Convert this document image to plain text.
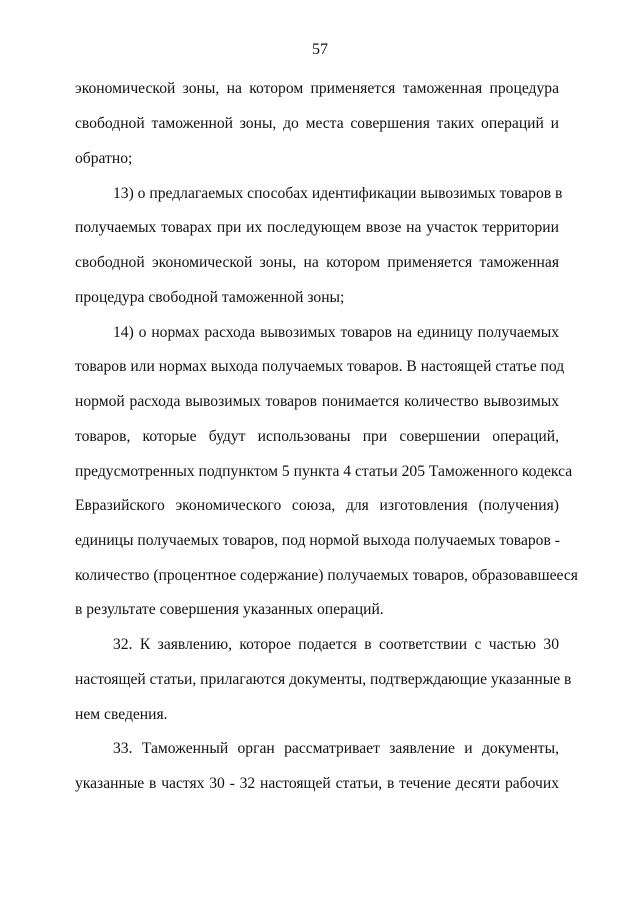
57

экономической зоны, на котором применяется таможенная процедура

свободной таможенной зоны, до места совершения таких операций и

обратно;

13) о предлагаемых способах идентификации вывозимых товаров в

получаемых товарах при их последующем ввозе на участок территории

свободной экономической зоны, на котором применяется таможенная

процедура свободной таможенной зоны;

14) о нормах расхода вывозимых товаров на единицу получаемых

товаров или нормах выхода получаемых товаров. В настоящей статье под

нормой расхода вывозимых товаров понимается количество вывозимых

товаров, которые будут использованы при совершении операций,

предусмотренных подпунктом 5 пункта 4 статьи 205 Таможенного кодекса

Евразийского экономического союза, для изготовления (получения)

единицы получаемых товаров, под нормой выхода получаемых товаров -

количество (процентное содержание) получаемых товаров, образовавшееся

в результате совершения указанных операций.

32. К заявлению, которое подается в соответствии с частью 30

настоящей статьи, прилагаются документы, подтверждающие указанные в

нем сведения.

33. Таможенный орган рассматривает заявление и документы,

указанные в частях 30 - 32 настоящей статьи, в течение десяти рабочих
